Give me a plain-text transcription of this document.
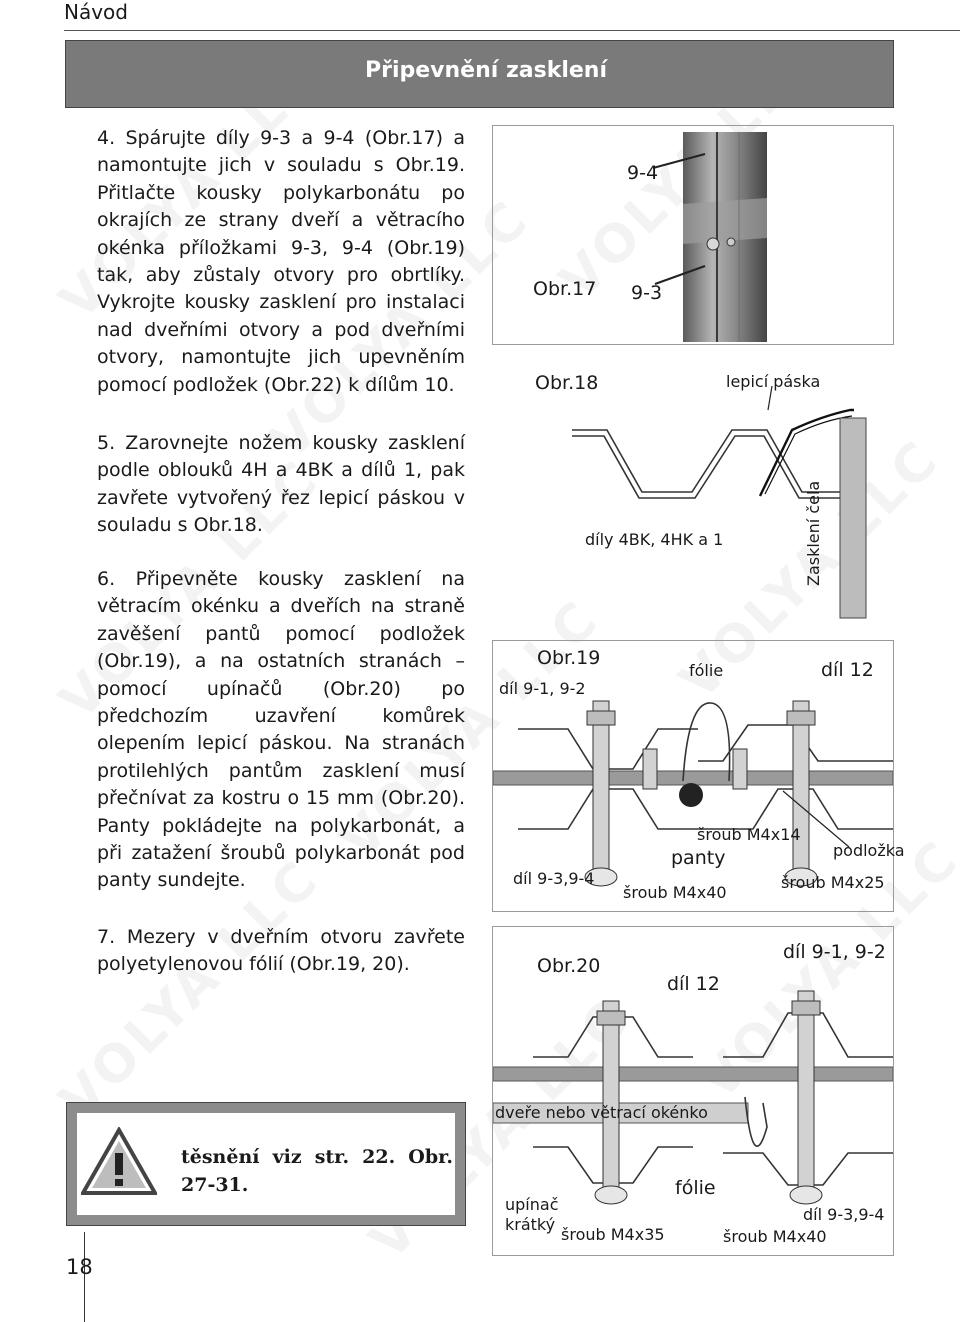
Návod
Připevnění zasklení

4. Spárujte díly 9-3 a 9-4 (Obr.17) a namontujte jich v souladu s Obr.19. Přitlačte kousky polykarbonátu po okrajích ze strany dveří a větracího okénka příložkami 9-3, 9-4 (Obr.19) tak, aby zůstaly otvory pro obrtlíky. Vykrojte kousky zasklení pro instalaci nad dveřními otvory a pod dveřními otvory, namontujte jich upevněním pomocí podložek (Obr.22) k dílům 10.

5. Zarovnejte nožem kousky zasklení podle oblouků 4H a 4BK a dílů 1, pak zavřete vytvořený řez lepicí páskou v souladu s Obr.18.

6. Připevněte kousky zasklení na větracím okénku a dveřích na straně zavěšení pantů pomocí podložek (Obr.19), a na ostatních stranách – pomocí upínačů (Obr.20) po předchozím uzavření komůrek olepením lepicí páskou. Na stranách protilehlých pantům zasklení musí přečnívat za kostru o 15 mm (Obr.20). Panty pokládejte na polykarbonát, a při zatažení šroubů polykarbonát pod panty sundejte.

7. Mezery v dveřním otvoru zavřete polyetylenovou fólií (Obr.19, 20).

Obr.17
9-4
9-3
Obr.18	lepicí páska
díly 4BK, 4HK a 1	Zasklení čela
Obr.19
díl 9-1, 9-2
fólie	díl 12
šroub M4x14
podložka
panty
díl 9-3,9-4	šroub M4x25
šroub M4x40
Obr.20
díl 9-1, 9-2
díl 12
dveře nebo větrací okénko
fólie
upínač krátký
díl 9-3,9-4
šroub M4x35	šroub M4x40
těsnění viz str. 22. Obr. 27-31.
18
